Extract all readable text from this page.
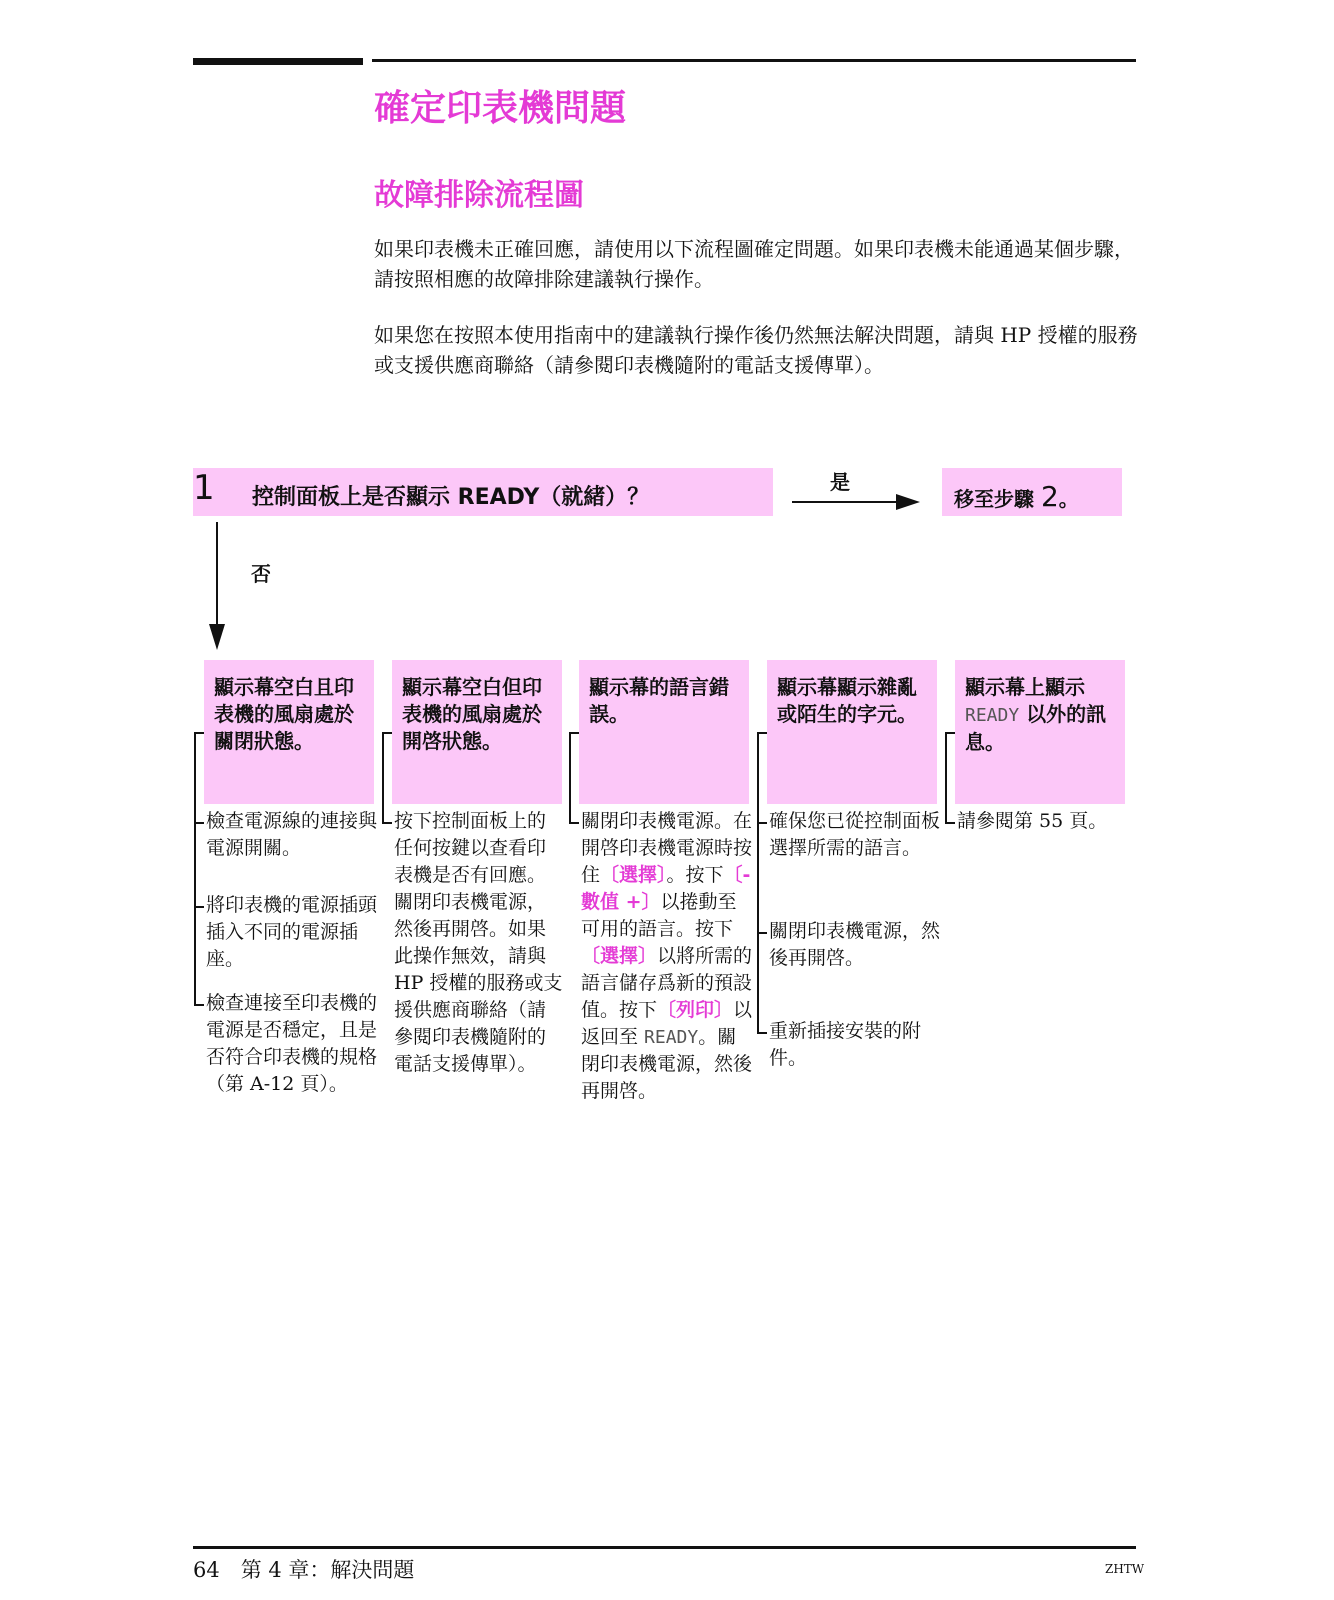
確定印表機問題
故障排除流程圖
如果印表機未正確回應，請使用以下流程圖確定問題。如果印表機未能通過某個步驟，請按照相應的故障排除建議執行操作。
如果您在按照本使用指南中的建議執行操作後仍然無法解決問題，請與 HP 授權的服務或支援供應商聯絡（請參閱印表機隨附的電話支援傳單）。
1 控制面板上是否顯示 READY（就緒）？
是
移至步驟 2。
否
顯示幕空白且印表機的風扇處於關閉狀態。
顯示幕空白但印表機的風扇處於開啓狀態。
顯示幕的語言錯誤。
顯示幕顯示雜亂或陌生的字元。
顯示幕上顯示
READY 以外的訊息。
檢查電源線的連接與電源開關。
將印表機的電源插頭插入不同的電源插座。
檢查連接至印表機的電源是否穩定，且是否符合印表機的規格（第 A-12 頁）。
按下控制面板上的任何按鍵以查看印表機是否有回應。關閉印表機電源，然後再開啓。如果此操作無效，請與 HP 授權的服務或支援供應商聯絡（請參閱印表機隨附的電話支援傳單）。
關閉印表機電源。在開啓印表機電源時按住〔選擇〕。按下〔- 數值 +〕以捲動至可用的語言。按下〔選擇〕以將所需的語言儲存爲新的預設值。按下〔列印〕以返回至 READY。關閉印表機電源，然後再開啓。
確保您已從控制面板選擇所需的語言。
關閉印表機電源，然後再開啓。
重新插接安裝的附件。
請參閱第 55 頁。
64　第 4 章：解決問題	ZHTW
